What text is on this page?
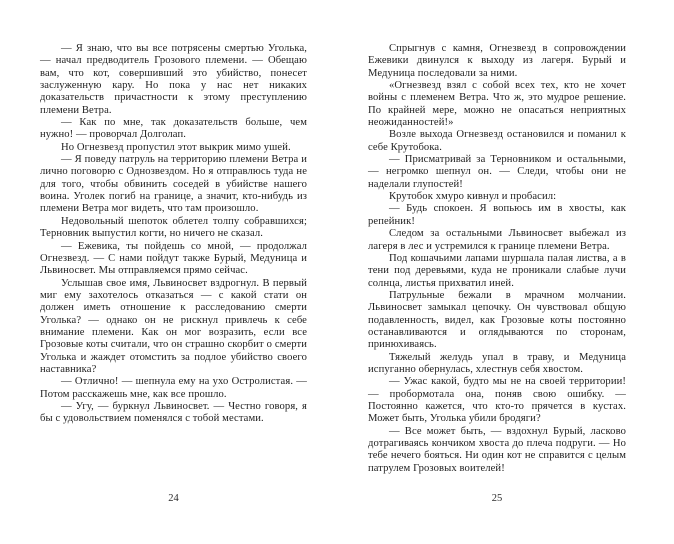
— Я знаю, что вы все потрясены смертью Уголька, — начал предводитель Грозового племени. — Обещаю вам, что кот, совершивший это убийство, понесет заслуженную кару. Но пока у нас нет никаких доказательств причастности к этому преступлению племени Ветра.

— Как по мне, так доказательств больше, чем нужно! — проворчал Долголап.

Но Огнезвезд пропустил этот выкрик мимо ушей.

— Я поведу патруль на территорию племени Ветра и лично поговорю с Однозвездом. Но я отправлюсь туда не для того, чтобы обвинить соседей в убийстве нашего воина. Уголек погиб на границе, а значит, кто-нибудь из племени Ветра мог видеть, что там произошло.

Недовольный шепоток облетел толпу собравшихся; Терновник выпустил когти, но ничего не сказал.

— Ежевика, ты пойдешь со мной, — продолжал Огнезвезд. — С нами пойдут также Бурый, Медуница и Львиносвет. Мы отправляемся прямо сейчас.

Услышав свое имя, Львиносвет вздрогнул. В первый миг ему захотелось отказаться — с какой стати он должен иметь отношение к расследованию смерти Уголька? — однако он не рискнул привлечь к себе внимание племени. Как он мог возразить, если все Грозовые коты считали, что он страшно скорбит о смерти Уголька и жаждет отомстить за подлое убийство своего наставника?

— Отлично! — шепнула ему на ухо Остролистая. — Потом расскажешь мне, как все прошло.

— Угу, — буркнул Львиносвет. — Честно говоря, я бы с удовольствием поменялся с тобой местами.

24

Спрыгнув с камня, Огнезвезд в сопровождении Ежевики двинулся к выходу из лагеря. Бурый и Медуница последовали за ними.

«Огнезвезд взял с собой всех тех, кто не хочет войны с племенем Ветра. Что ж, это мудрое решение. По крайней мере, можно не опасаться неприятных неожиданностей!»

Возле выхода Огнезвезд остановился и поманил к себе Крутобока.

— Присматривай за Терновником и остальными, — негромко шепнул он. — Следи, чтобы они не наделали глупостей!

Крутобок хмуро кивнул и пробасил:

— Будь спокоен. Я вопьюсь им в хвосты, как репейник!

Следом за остальными Львиносвет выбежал из лагеря в лес и устремился к границе племени Ветра.

Под кошачьими лапами шуршала палая листва, а в тени под деревьями, куда не проникали слабые лучи солнца, листья прихватил иней.

Патрульные бежали в мрачном молчании. Львиносвет замыкал цепочку. Он чувствовал общую подавленность, видел, как Грозовые коты постоянно останавливаются и оглядываются по сторонам, принюхиваясь.

Тяжелый желудь упал в траву, и Медуница испуганно обернулась, хлестнув себя хвостом.

— Ужас какой, будто мы не на своей территории! — пробормотала она, поняв свою ошибку. — Постоянно кажется, что кто-то прячется в кустах. Может быть, Уголька убили бродяги?

— Все может быть, — вздохнул Бурый, ласково дотрагиваясь кончиком хвоста до плеча подруги. — Но тебе нечего бояться. Ни один кот не справится с целым патрулем Грозовых воителей!

25
